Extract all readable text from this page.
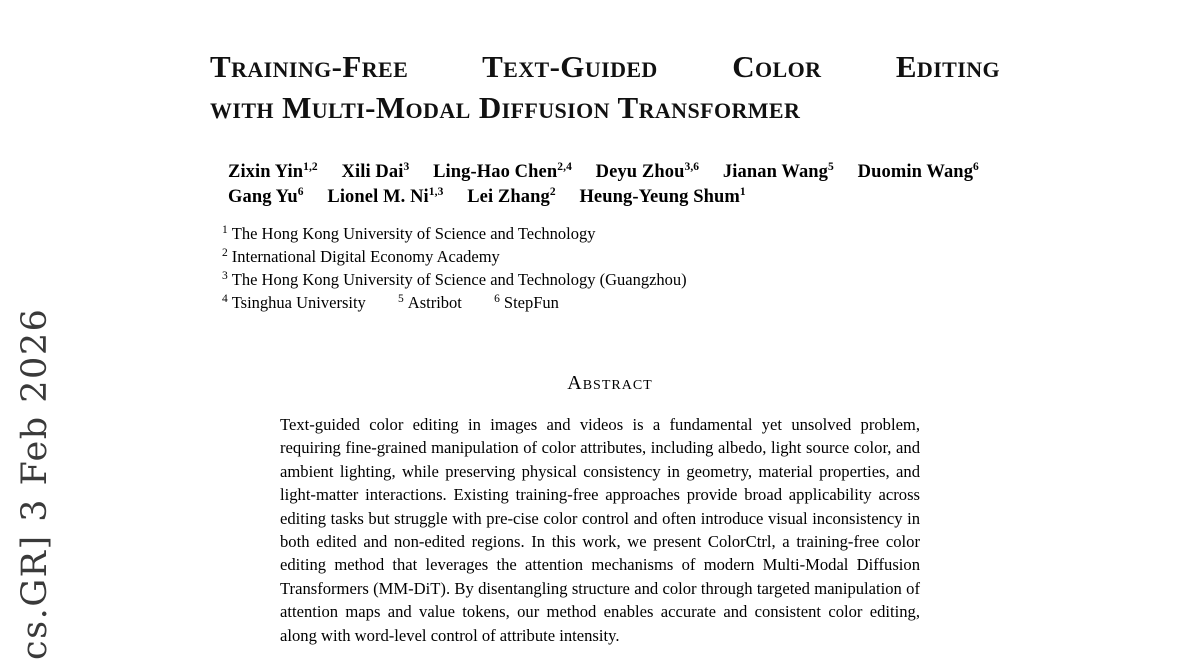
cs.GR] 3 Feb 2026
Training-Free Text-Guided Color Editing
with Multi-Modal Diffusion Transformer
Zixin Yin$^{1,2}$ Xili Dai$^3$ Ling-Hao Chen$^{2,4}$ Deyu Zhou$^{3,6}$ Jianan Wang$^5$ Duomin Wang$^6$
Gang Yu$^6$ Lionel M. Ni$^{1,3}$ Lei Zhang$^2$ Heung-Yeung Shum$^1$
$^1$ The Hong Kong University of Science and Technology
$^2$ International Digital Economy Academy
$^3$ The Hong Kong University of Science and Technology (Guangzhou)
$^4$ Tsinghua University	$^5$ Astribot	$^6$ StepFun
Abstract
Text-guided color editing in images and videos is a fundamental yet unsolved problem, requiring fine-grained manipulation of color attributes, including albedo, light source color, and ambient lighting, while preserving physical consistency in geometry, material properties, and light-matter interactions. Existing training-free approaches provide broad applicability across editing tasks but struggle with pre-cise color control and often introduce visual inconsistency in both edited and non-edited regions. In this work, we present ColorCtrl, a training-free color editing method that leverages the attention mechanisms of modern Multi-Modal Diffusion Transformers (MM-DiT). By disentangling structure and color through targeted manipulation of attention maps and value tokens, our method enables accurate and consistent color editing, along with word-level control of attribute intensity.
